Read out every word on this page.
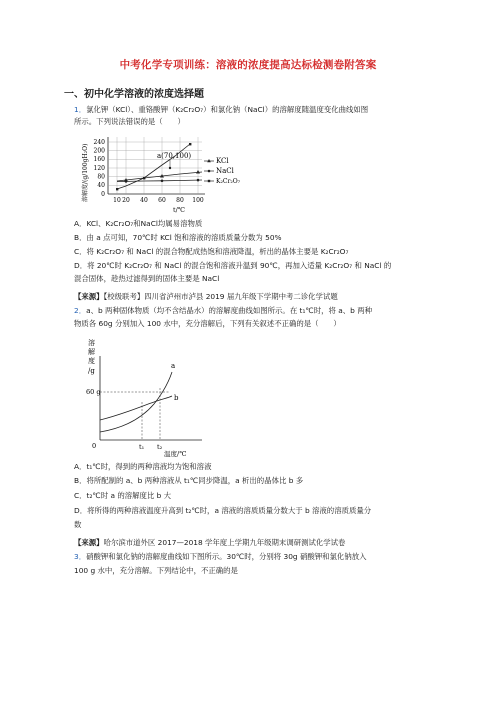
中考化学专项训练：溶液的浓度提高达标检测卷附答案
一、初中化学溶液的浓度选择题
1．氯化钾（KCl）、重铬酸钾（K₂Cr₂O₇）和氯化钠（NaCl）的溶解度随温度变化曲线如图
所示。下列说法错误的是（　　）
溶解度/(g/100gH₂O)
240
200
160
120
80
40
0
10 20 40 60 80 100
t/℃
a(70,100)
KCl
NaCl
K₂Cr₂O₇
A．KCl、K₂Cr₂O₇和NaCl均属易溶物质
B．由 a 点可知，70℃时 KCl 饱和溶液的溶质质量分数为 50%
C．将 K₂Cr₂O₇ 和 NaCl 的混合物配成热饱和溶液降温，析出的晶体主要是 K₂Cr₂O₇
D．将 20℃时 K₂Cr₂O₇ 和 NaCl 的混合饱和溶液升温到 90℃，再加入适量 K₂Cr₂O₇ 和 NaCl 的
混合固体，趁热过滤得到的固体主要是 NaCl
【来源】【校级联考】四川省泸州市泸县 2019 届九年级下学期中考二诊化学试题
2．a、b 两种固体物质（均不含结晶水）的溶解度曲线如图所示。在 t₁℃时，将 a、b 两种
物质各 60g 分别加入 100 水中，充分溶解后，下列有关叙述不正确的是（　　）
溶
解
度
/g
60 g
a
b
0	t₁ t₂
温度/℃
A．t₁℃时，得到的两种溶液均为饱和溶液
B．将所配制的 a、b 两种溶液从 t₁℃同步降温，a 析出的晶体比 b 多
C．t₂℃时 a 的溶解度比 b 大
D．将所得的两种溶液温度升高到 t₂℃时，a 溶液的溶质质量分数大于 b 溶液的溶质质量分
数
【来源】哈尔滨市道外区 2017—2018 学年度上学期九年级期末调研测试化学试卷
3．硝酸钾和氯化钠的溶解度曲线如下图所示。30℃时，分别将 30g 硝酸钾和氯化钠放入
100 g 水中，充分溶解。下列结论中，不正确的是
